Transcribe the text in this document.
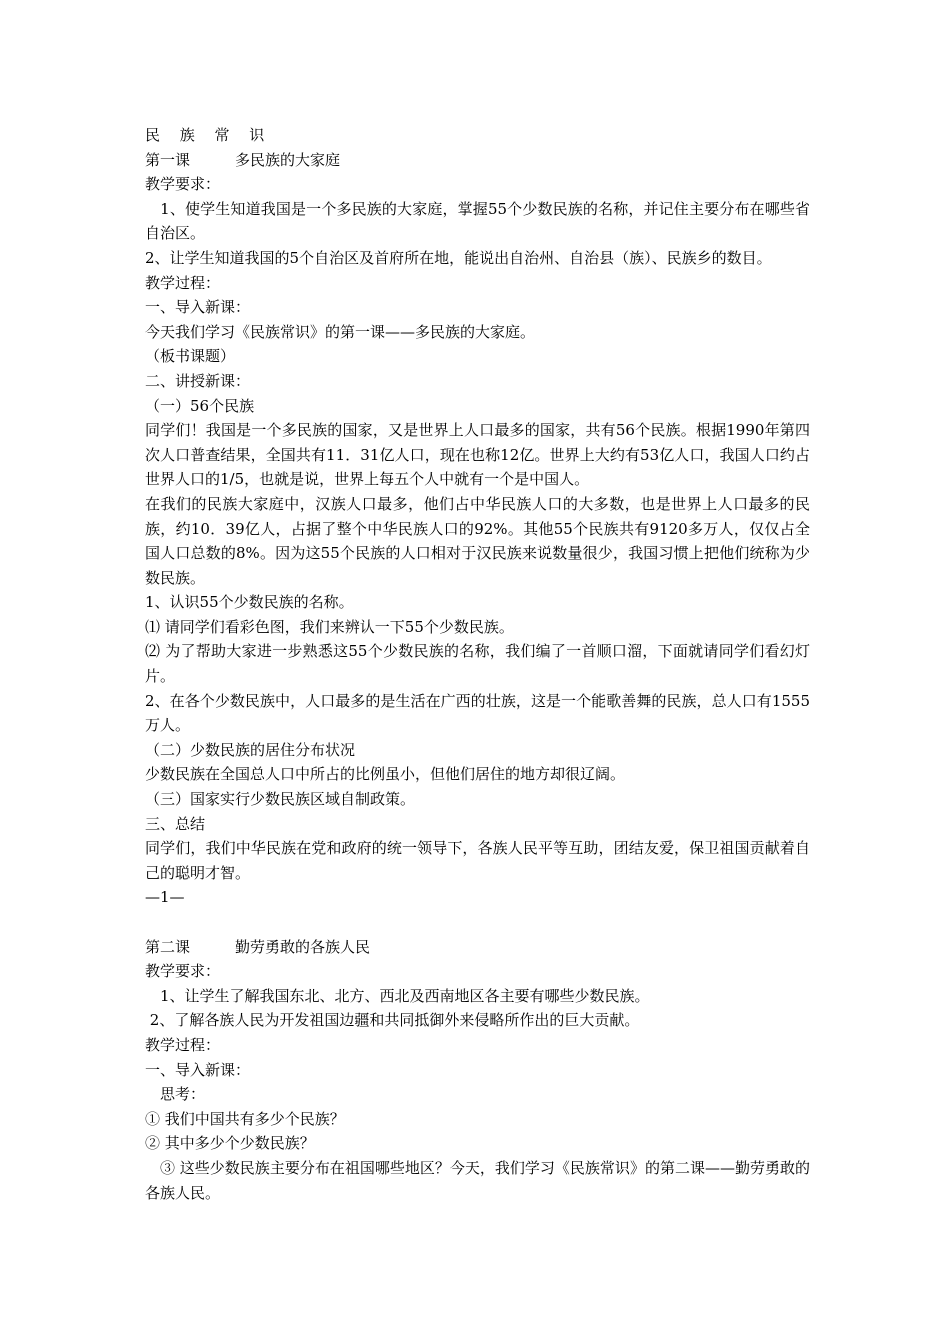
民　 族　 常　 识

第一课　　　多民族的大家庭

教学要求：

　1、使学生知道我国是一个多民族的大家庭，掌握55个少数民族的名称，并记住主要分布在哪些省自治区。

2、让学生知道我国的5个自治区及首府所在地，能说出自治州、自治县（族）、民族乡的数目。

教学过程：

一、导入新课：

今天我们学习《民族常识》的第一课——多民族的大家庭。

（板书课题）

二、讲授新课：

（一）56个民族

同学们！我国是一个多民族的国家，又是世界上人口最多的国家，共有56个民族。根据1990年第四次人口普查结果，全国共有11．31亿人口，现在也称12亿。世界上大约有53亿人口，我国人口约占世界人口的1/5，也就是说，世界上每五个人中就有一个是中国人。

在我们的民族大家庭中，汉族人口最多，他们占中华民族人口的大多数，也是世界上人口最多的民族，约10．39亿人，占据了整个中华民族人口的92%。其他55个民族共有9120多万人，仅仅占全国人口总数的8%。因为这55个民族的人口相对于汉民族来说数量很少，我国习惯上把他们统称为少数民族。

1、认识55个少数民族的名称。

⑴ 请同学们看彩色图，我们来辨认一下55个少数民族。

⑵ 为了帮助大家进一步熟悉这55个少数民族的名称，我们编了一首顺口溜，下面就请同学们看幻灯片。

2、在各个少数民族中，人口最多的是生活在广西的壮族，这是一个能歌善舞的民族，总人口有1555万人。

（二）少数民族的居住分布状况

少数民族在全国总人口中所占的比例虽小，但他们居住的地方却很辽阔。

（三）国家实行少数民族区域自制政策。

三、总结

同学们，我们中华民族在党和政府的统一领导下，各族人民平等互助，团结友爱，保卫祖国贡献着自己的聪明才智。

—1—

第二课　　　勤劳勇敢的各族人民

教学要求：

　1、让学生了解我国东北、北方、西北及西南地区各主要有哪些少数民族。

2、了解各族人民为开发祖国边疆和共同抵御外来侵略所作出的巨大贡献。

教学过程：

一、导入新课：

　思考：

① 我们中国共有多少个民族？

② 其中多少个少数民族？

　③ 这些少数民族主要分布在祖国哪些地区？今天，我们学习《民族常识》的第二课——勤劳勇敢的各族人民。
